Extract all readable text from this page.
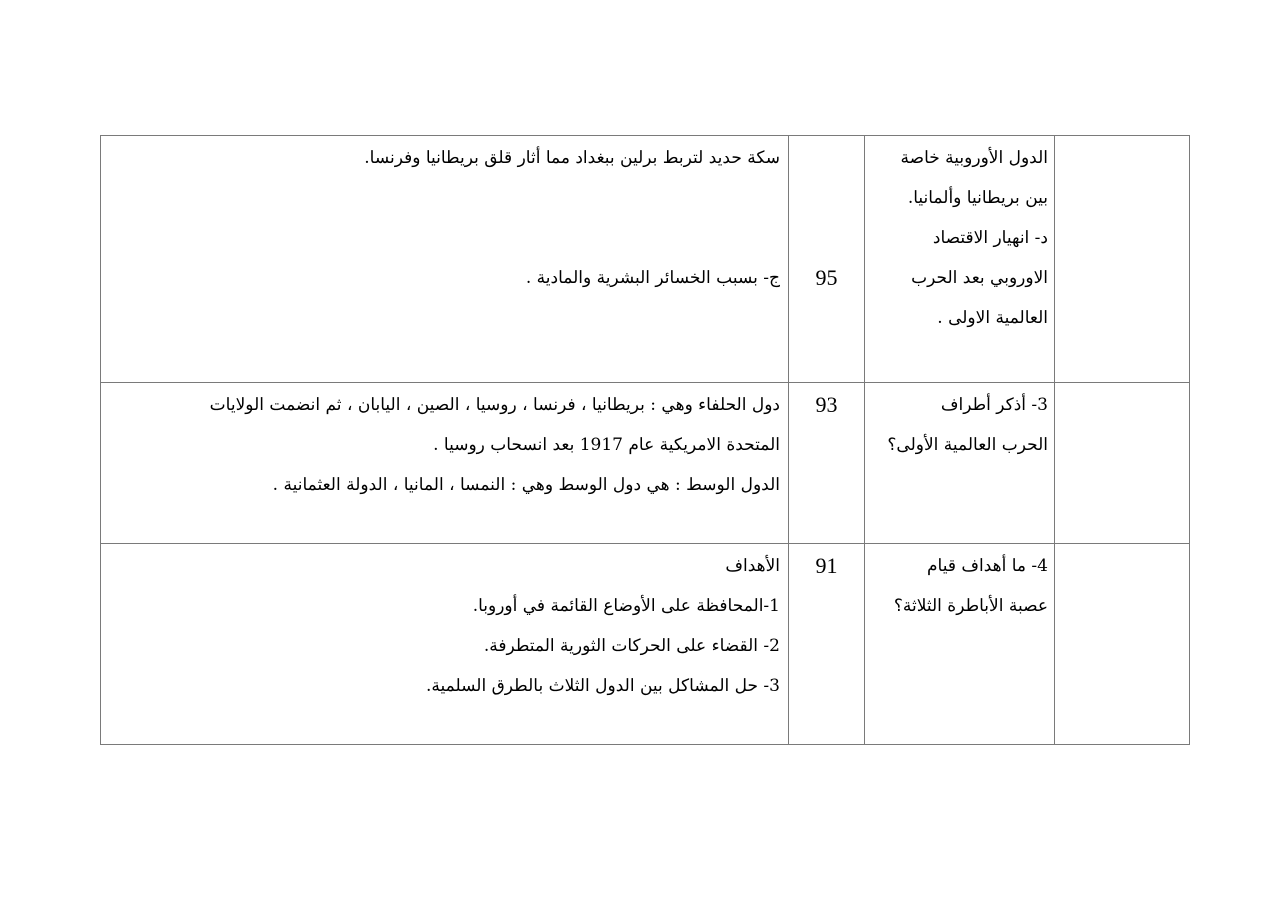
	الدول الأوروبية خاصة
بين بريطانيا وألمانيا.
د- انهيار الاقتصاد
الاوروبي بعد الحرب
العالمية الاولى .	95	سكة حديد لتربط برلين ببغداد مما أثار قلق بريطانيا وفرنسا.
ج- بسبب الخسائر البشرية والمادية .

	3- أذكر أطراف
الحرب العالمية الأولى؟	93	دول الحلفاء وهي : بريطانيا ، فرنسا ، روسيا ، الصين ، اليابان ، ثم انضمت الولايات
المتحدة الامريكية عام 1917 بعد انسحاب روسيا .
الدول الوسط : هي دول الوسط وهي : النمسا ، المانيا ، الدولة العثمانية .

	4- ما أهداف قيام
عصبة الأباطرة الثلاثة؟	91	الأهداف
1-المحافظة على الأوضاع القائمة في أوروبا.
2- القضاء على الحركات الثورية المتطرفة.
3- حل المشاكل بين الدول الثلاث بالطرق السلمية.
